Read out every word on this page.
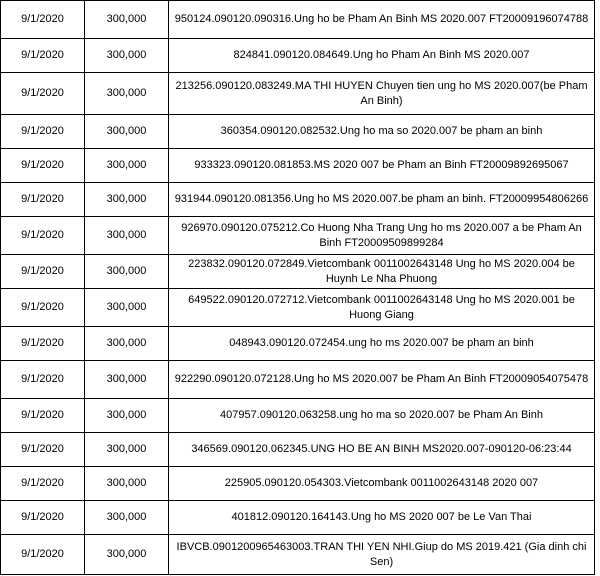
9/1/2020	300,000	950124.090120.090316.Ung ho be Pham An Binh MS 2020.007 FT20009196074788
9/1/2020	300,000	824841.090120.084649.Ung ho Pham An Binh MS 2020.007
9/1/2020	300,000	213256.090120.083249.MA THI HUYEN Chuyen tien ung ho MS 2020.007(be Pham An Binh)
9/1/2020	300,000	360354.090120.082532.Ung ho ma so 2020.007 be pham an binh
9/1/2020	300,000	933323.090120.081853.MS 2020 007 be Pham an Binh FT20009892695067
9/1/2020	300,000	931944.090120.081356.Ung ho MS 2020.007.be pham an binh. FT20009954806266
9/1/2020	300,000	926970.090120.075212.Co Huong Nha Trang Ung ho ms 2020.007 a be Pham An Binh FT20009509899284
9/1/2020	300,000	223832.090120.072849.Vietcombank 0011002643148 Ung ho MS 2020.004 be Huynh Le Nha Phuong
9/1/2020	300,000	649522.090120.072712.Vietcombank 0011002643148 Ung ho MS 2020.001 be Huong Giang
9/1/2020	300,000	048943.090120.072454.ung ho ms 2020.007 be pham an binh
9/1/2020	300,000	922290.090120.072128.Ung ho MS 2020.007 be Pham An Binh FT20009054075478
9/1/2020	300,000	407957.090120.063258.ung ho ma so 2020.007 be Pham An Binh
9/1/2020	300,000	346569.090120.062345.UNG HO BE AN BINH MS2020.007-090120-06:23:44
9/1/2020	300,000	225905.090120.054303.Vietcombank 0011002643148 2020 007
9/1/2020	300,000	401812.090120.164143.Ung ho MS 2020 007 be Le Van Thai
9/1/2020	300,000	IBVCB.0901200965463003.TRAN THI YEN NHI.Giup do MS 2019.421 (Gia dinh chi Sen)
